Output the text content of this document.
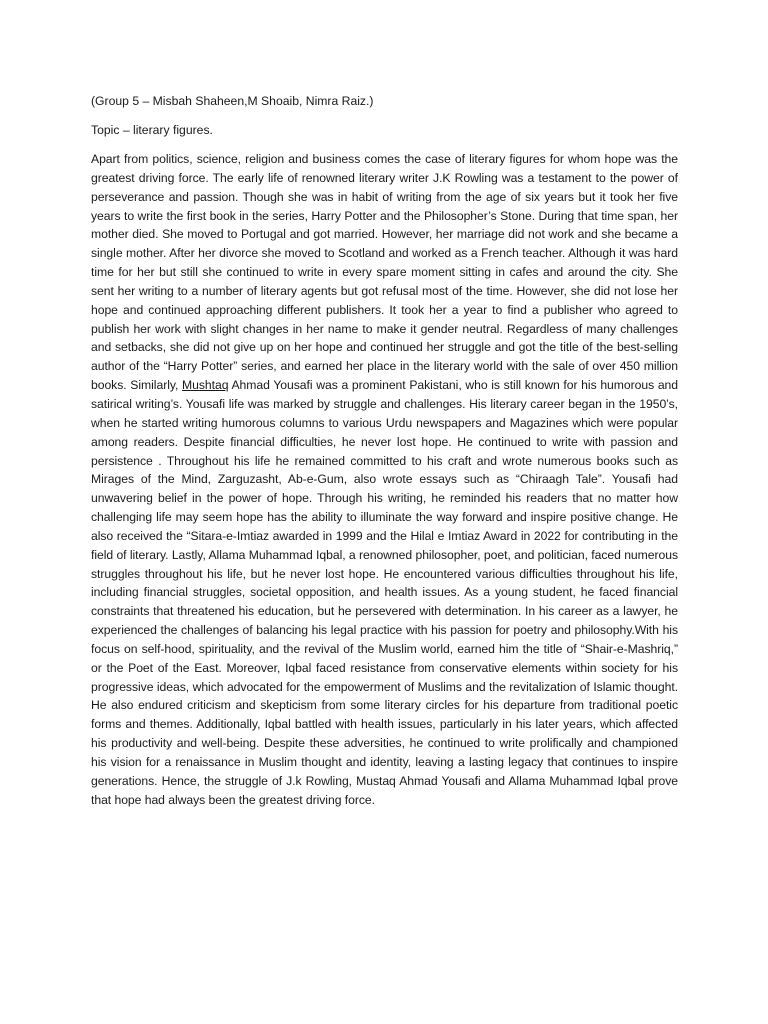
(Group 5 – Misbah Shaheen,M Shoaib, Nimra Raiz.)

Topic – literary figures.

Apart from politics, science, religion and business comes the case of literary figures for whom hope was the greatest driving force. The early life of renowned literary writer J.K Rowling was a testament to the power of perseverance and passion. Though she was in habit of writing from the age of six years but it took her five years to write the first book in the series, Harry Potter and the Philosopher’s Stone. During that time span, her mother died. She moved to Portugal and got married. However, her marriage did not work and she became a single mother. After her divorce she moved to Scotland and worked as a French teacher. Although it was hard time for her but still she continued to write in every spare moment sitting in cafes and around the city. She sent her writing to a number of literary agents but got refusal most of the time. However, she did not lose her hope and continued approaching different publishers. It took her a year to find a publisher who agreed to publish her work with slight changes in her name to make it gender neutral. Regardless of many challenges and setbacks, she did not give up on her hope and continued her struggle and got the title of the best-selling author of the “Harry Potter” series, and earned her place in the literary world with the sale of over 450 million books. Similarly, Mushtaq Ahmad Yousafi was a prominent Pakistani, who is still known for his humorous and satirical writing’s. Yousafi life was marked by struggle and challenges. His literary career began in the 1950’s, when he started writing humorous columns to various Urdu newspapers and Magazines which were popular among readers. Despite financial difficulties, he never lost hope. He continued to write with passion and persistence . Throughout his life he remained committed to his craft and wrote numerous books such as Mirages of the Mind, Zarguzasht, Ab-e-Gum, also wrote essays such as “Chiraagh Tale”. Yousafi had unwavering belief in the power of hope. Through his writing, he reminded his readers that no matter how challenging life may seem hope has the ability to illuminate the way forward and inspire positive change. He also received the “Sitara-e-Imtiaz awarded in 1999 and the Hilal e Imtiaz Award in 2022 for contributing in the field of literary. Lastly, Allama Muhammad Iqbal, a renowned philosopher, poet, and politician, faced numerous struggles throughout his life, but he never lost hope. He encountered various difficulties throughout his life, including financial struggles, societal opposition, and health issues. As a young student, he faced financial constraints that threatened his education, but he persevered with determination. In his career as a lawyer, he experienced the challenges of balancing his legal practice with his passion for poetry and philosophy.With his focus on self-hood, spirituality, and the revival of the Muslim world, earned him the title of “Shair-e-Mashriq,” or the Poet of the East. Moreover, Iqbal faced resistance from conservative elements within society for his progressive ideas, which advocated for the empowerment of Muslims and the revitalization of Islamic thought. He also endured criticism and skepticism from some literary circles for his departure from traditional poetic forms and themes. Additionally, Iqbal battled with health issues, particularly in his later years, which affected his productivity and well-being. Despite these adversities, he continued to write prolifically and championed his vision for a renaissance in Muslim thought and identity, leaving a lasting legacy that continues to inspire generations. Hence, the struggle of J.k Rowling, Mustaq Ahmad Yousafi and Allama Muhammad Iqbal prove that hope had always been the greatest driving force.
